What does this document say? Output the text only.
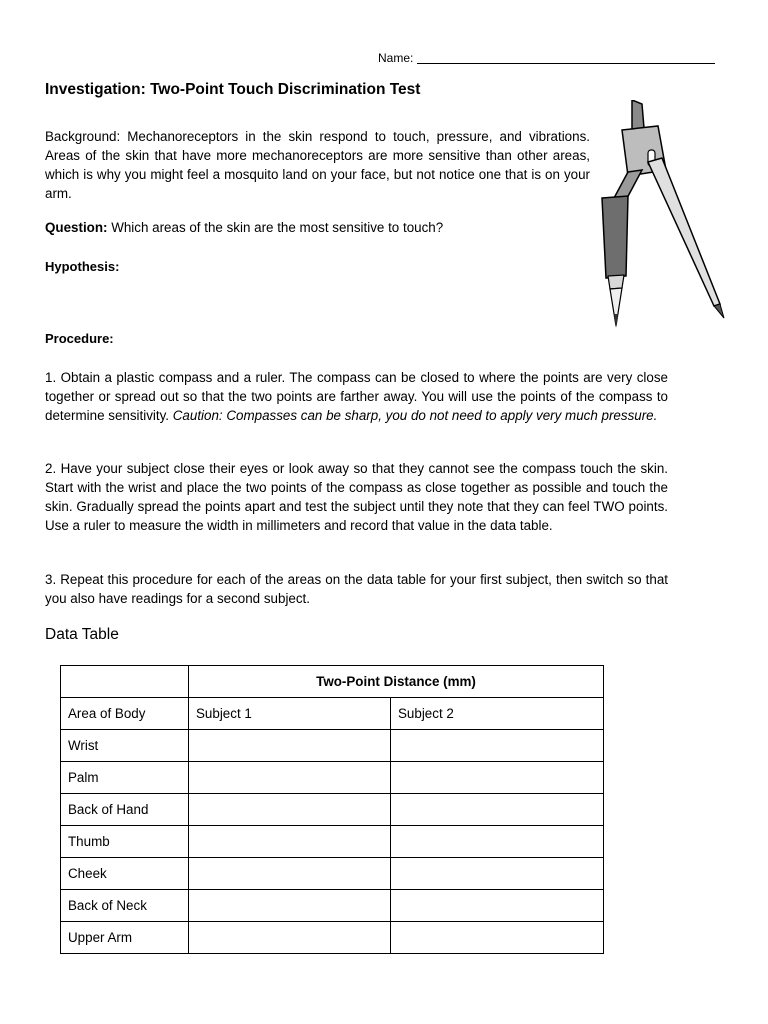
Name:
Investigation: Two-Point Touch Discrimination Test

Background: Mechanoreceptors in the skin respond to touch, pressure, and vibrations. Areas of the skin that have more mechanoreceptors are more sensitive than other areas, which is why you might feel a mosquito land on your face, but not notice one that is on your arm.

Question: Which areas of the skin are the most sensitive to touch?

Hypothesis:

Procedure:

1. Obtain a plastic compass and a ruler. The compass can be closed to where the points are very close together or spread out so that the two points are farther away. You will use the points of the compass to determine sensitivity. Caution: Compasses can be sharp, you do not need to apply very much pressure.

2. Have your subject close their eyes or look away so that they cannot see the compass touch the skin. Start with the wrist and place the two points of the compass as close together as possible and touch the skin. Gradually spread the points apart and test the subject until they note that they can feel TWO points. Use a ruler to measure the width in millimeters and record that value in the data table.

3. Repeat this procedure for each of the areas on the data table for your first subject, then switch so that you also have readings for a second subject.

Data Table

	Two-Point Distance (mm)	
Area of Body	Subject 1	Subject 2
Wrist		
Palm		
Back of Hand		
Thumb		
Cheek		
Back of Neck		
Upper Arm		
